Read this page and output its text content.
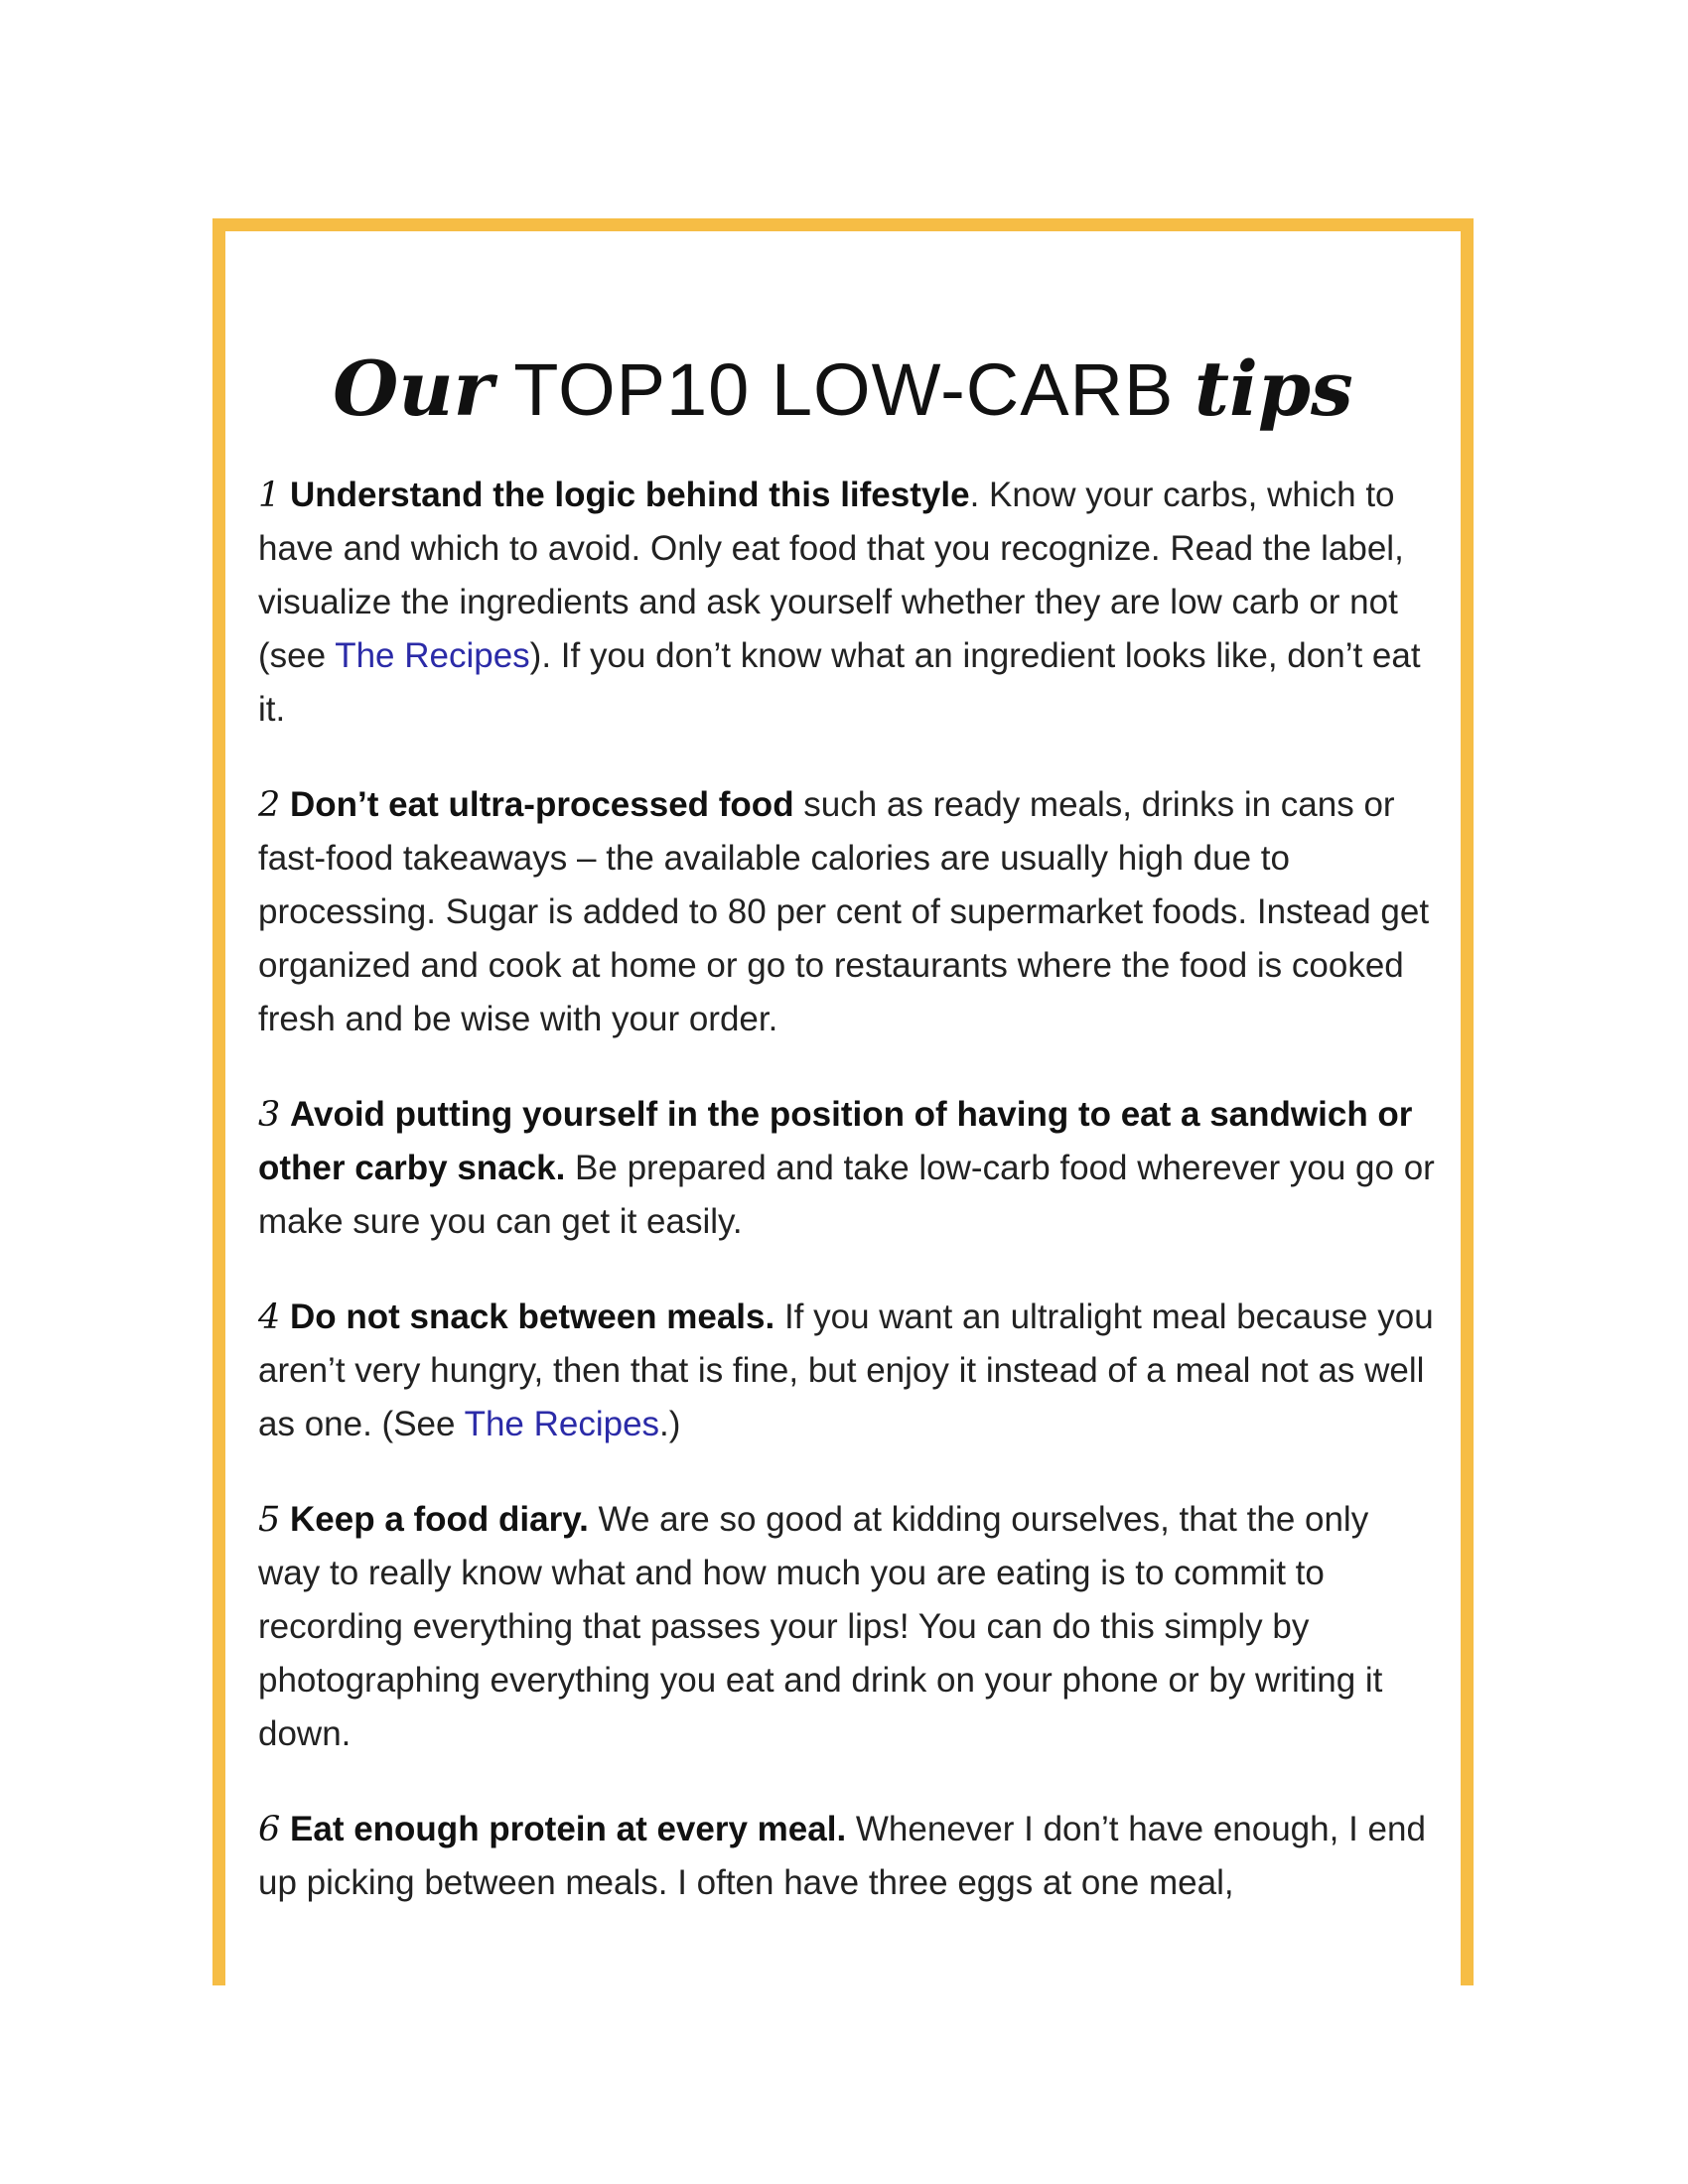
Our TOP10 LOW-CARB tips

1 Understand the logic behind this lifestyle. Know your carbs, which to have and which to avoid. Only eat food that you recognize. Read the label, visualize the ingredients and ask yourself whether they are low carb or not (see The Recipes). If you don’t know what an ingredient looks like, don’t eat it.

2 Don’t eat ultra-processed food such as ready meals, drinks in cans or fast-food takeaways – the available calories are usually high due to processing. Sugar is added to 80 per cent of supermarket foods. Instead get organized and cook at home or go to restaurants where the food is cooked fresh and be wise with your order.

3 Avoid putting yourself in the position of having to eat a sandwich or other carby snack. Be prepared and take low-carb food wherever you go or make sure you can get it easily.

4 Do not snack between meals. If you want an ultralight meal because you aren’t very hungry, then that is fine, but enjoy it instead of a meal not as well as one. (See The Recipes.)

5 Keep a food diary. We are so good at kidding ourselves, that the only way to really know what and how much you are eating is to commit to recording everything that passes your lips! You can do this simply by photographing everything you eat and drink on your phone or by writing it down.

6 Eat enough protein at every meal. Whenever I don’t have enough, I end up picking between meals. I often have three eggs at one meal,
